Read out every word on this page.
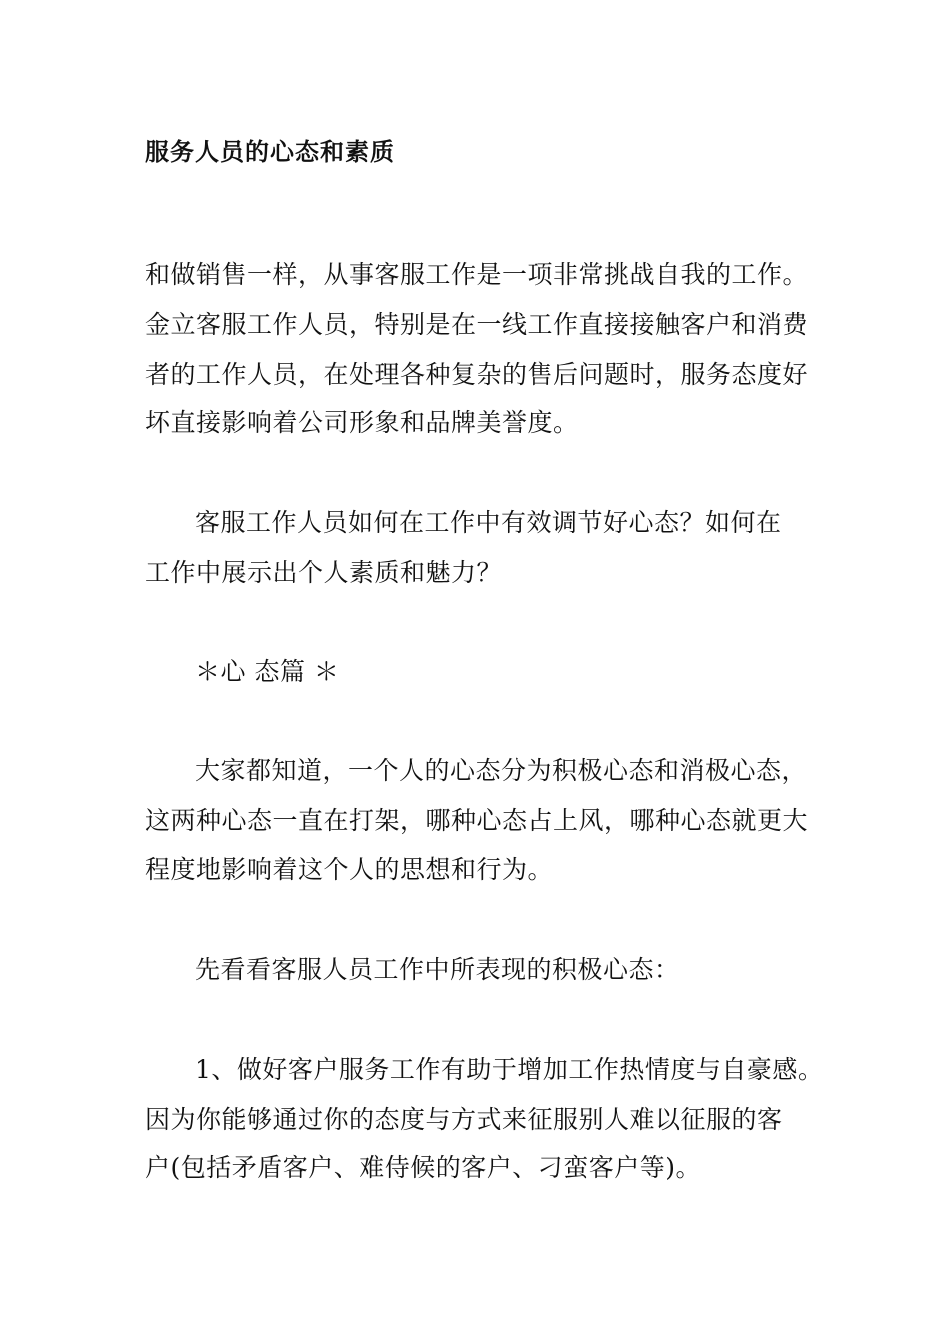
服务人员的心态和素质
和做销售一样，从事客服工作是一项非常挑战自我的工作。
金立客服工作人员，特别是在一线工作直接接触客户和消费
者的工作人员，在处理各种复杂的售后问题时，服务态度好
坏直接影响着公司形象和品牌美誉度。
客服工作人员如何在工作中有效调节好心态？如何在
工作中展示出个人素质和魅力？
＊心 态篇 ＊
大家都知道，一个人的心态分为积极心态和消极心态，
这两种心态一直在打架，哪种心态占上风，哪种心态就更大
程度地影响着这个人的思想和行为。
先看看客服人员工作中所表现的积极心态：
1、做好客户服务工作有助于增加工作热情度与自豪感。
因为你能够通过你的态度与方式来征服别人难以征服的客
户(包括矛盾客户、难侍候的客户、刁蛮客户等)。
